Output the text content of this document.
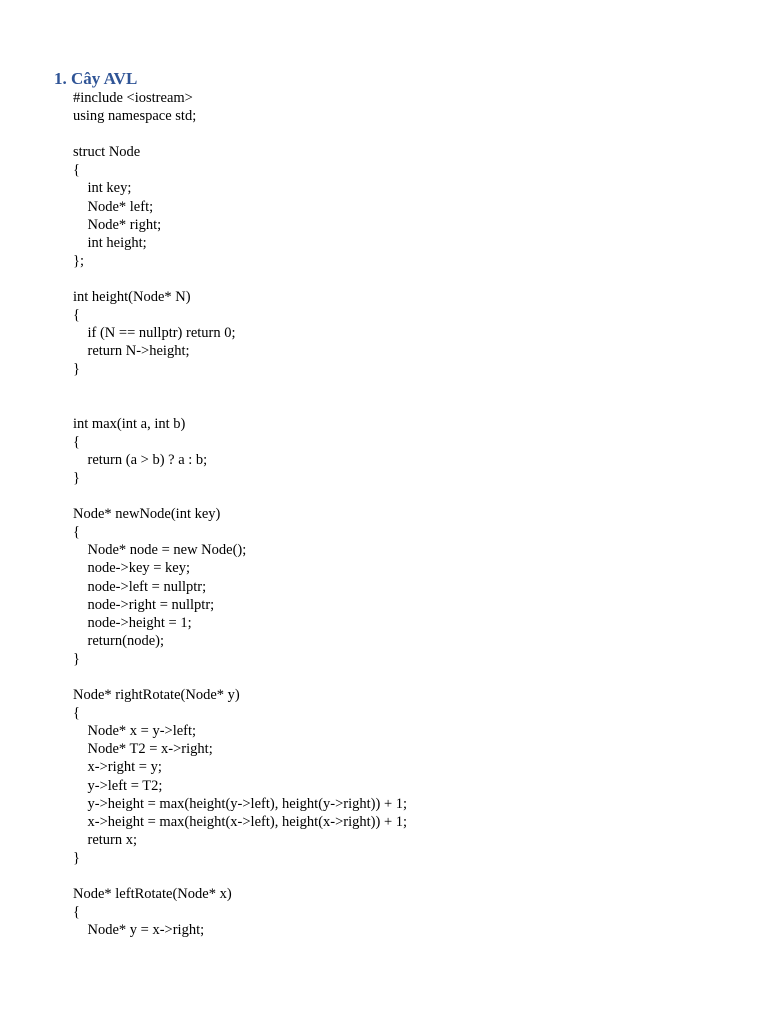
1. Cây AVL
#include <iostream>
using namespace std;
struct Node
{
int key;
Node* left;
Node* right;
int height;
};
int height(Node* N)
{
if (N == nullptr) return 0;
return N->height;
}
int max(int a, int b)
{
return (a > b) ? a : b;
}
Node* newNode(int key)
{
Node* node = new Node();
node->key = key;
node->left = nullptr;
node->right = nullptr;
node->height = 1;
return(node);
}
Node* rightRotate(Node* y)
{
Node* x = y->left;
Node* T2 = x->right;
x->right = y;
y->left = T2;
y->height = max(height(y->left), height(y->right)) + 1;
x->height = max(height(x->left), height(x->right)) + 1;
return x;
}
Node* leftRotate(Node* x)
{
Node* y = x->right;
